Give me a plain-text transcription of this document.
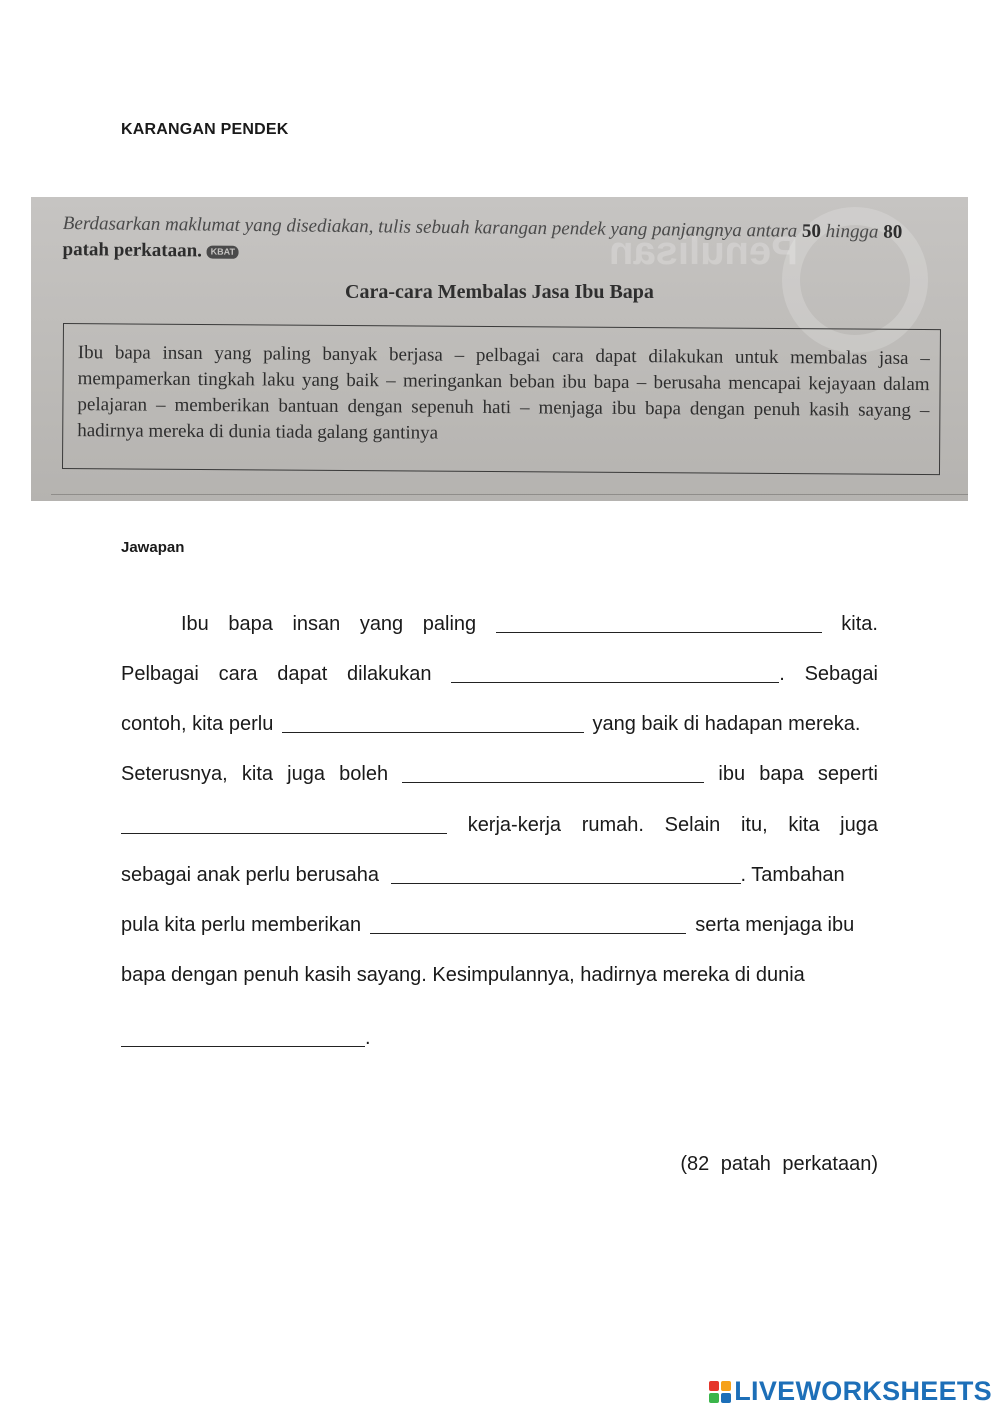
KARANGAN PENDEK
Penulisan
Berdasarkan maklumat yang disediakan, tulis sebuah karangan pendek yang panjangnya antara 50 hingga 80 patah perkataan. KBAT
Cara-cara Membalas Jasa Ibu Bapa
Ibu bapa insan yang paling banyak berjasa – pelbagai cara dapat dilakukan untuk membalas jasa – mempamerkan tingkah laku yang baik – meringankan beban ibu bapa – berusaha mencapai kejayaan dalam pelajaran – memberikan bantuan dengan sepenuh hati – menjaga ibu bapa dengan penuh kasih sayang – hadirnya mereka di dunia tiada galang gantinya
Jawapan
Ibu bapa insan yang paling	kita.
Pelbagai cara dapat dilakukan	. Sebagai
contoh, kita perlu	yang baik di hadapan mereka.
Seterusnya, kita juga boleh	ibu bapa seperti
kerja-kerja rumah. Selain itu, kita juga
sebagai anak perlu berusaha	. Tambahan
pula kita perlu memberikan	serta menjaga ibu
bapa dengan penuh kasih sayang. Kesimpulannya, hadirnya mereka di dunia
.
(82 patah perkataan)
LIVEWORKSHEETS
